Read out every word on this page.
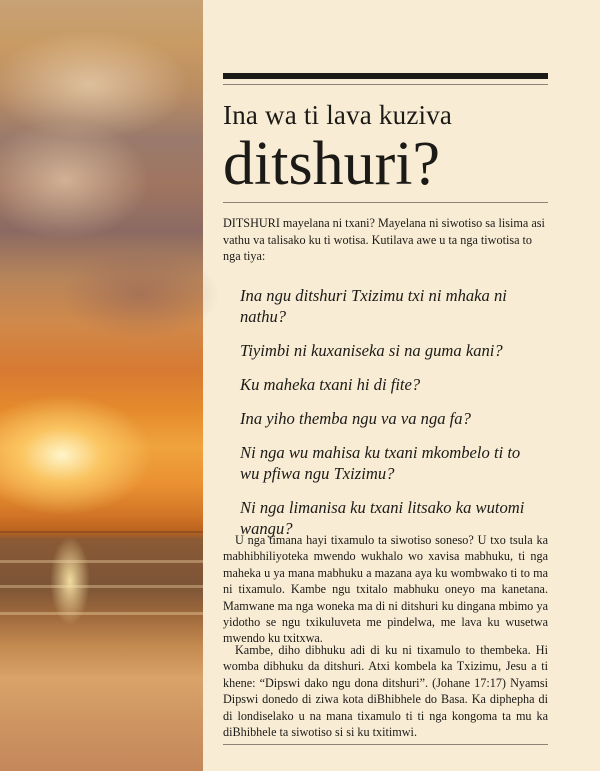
Ina wa ti lava kuziva
ditshuri?

DITSHURI mayelana ni txani? Mayelana ni siwotiso sa lisima asi vathu va talisako ku ti wotisa. Kutilava awe u ta nga tiwotisa to nga tiya:

Ina ngu ditshuri Txizimu txi ni mhaka ni nathu?
Tiyimbi ni kuxaniseka si na guma kani?
Ku maheka txani hi di fite?
Ina yiho themba ngu va va nga fa?
Ni nga wu mahisa ku txani mkombelo ti to wu pfiwa ngu Txizimu?
Ni nga limanisa ku txani litsako ka wutomi wangu?

U nga timana hayi tixamulo ta siwotiso soneso? U txo tsula ka mabhibhiliyoteka mwendo wukhalo wo xavisa mabhuku, ti nga maheka u ya mana mabhuku a mazana aya ku wombwako ti to ma ni tixamulo. Kambe ngu txitalo mabhuku oneyo ma kanetana. Mamwane ma nga woneka ma di ni ditshuri ku dingana mbimo ya yidotho se ngu txikuluveta me pindelwa, me lava ku wusetwa mwendo ku txitxwa.

Kambe, diho dibhuku adi di ku ni tixamulo to thembeka. Hi womba dibhuku da ditshuri. Atxi kombela ka Txizimu, Jesu a ti khene: “Dipswi dako ngu dona ditshuri”. (Johane 17:17) Nyamsi Dipswi donedo di ziwa kota diBhibhele do Basa. Ka diphepha di di londiselako u na mana tixamulo ti ti nga kongoma ta mu ka diBhibhele ta siwotiso si si ku txitimwi.
